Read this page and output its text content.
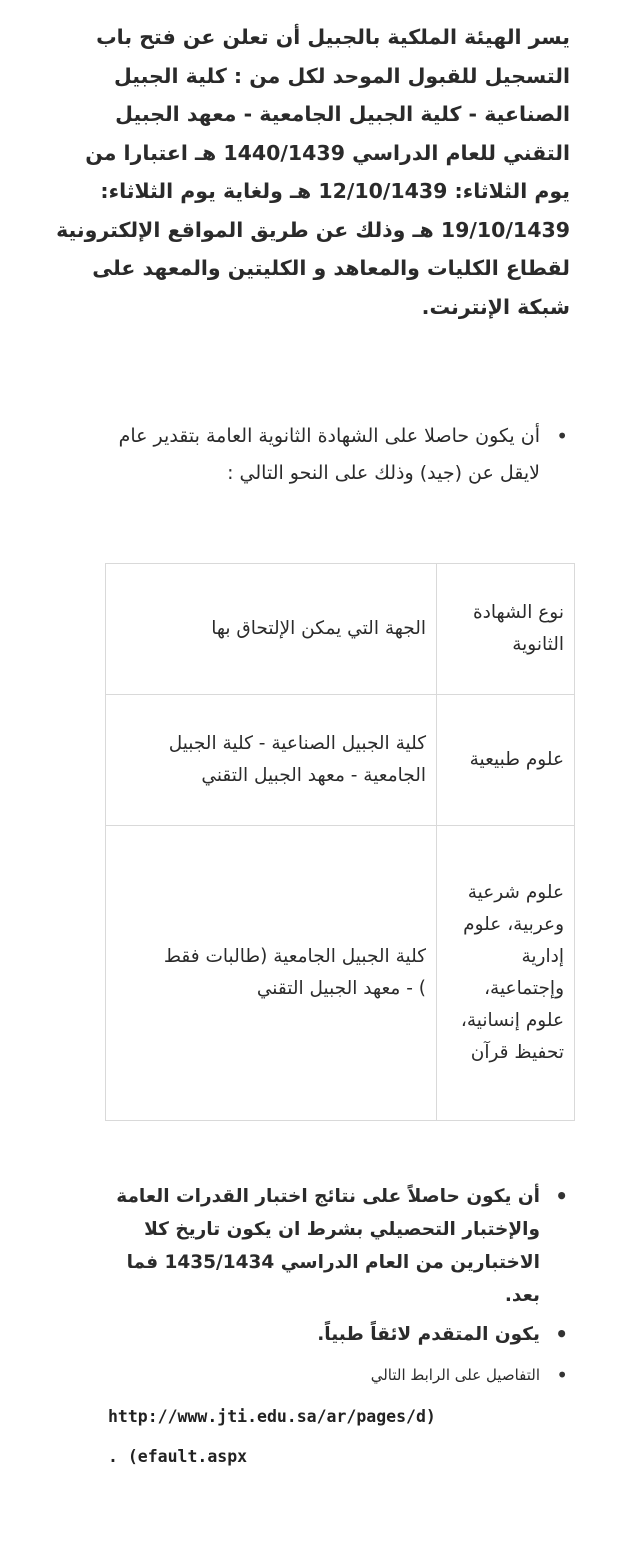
يسر الهيئة الملكية بالجبيل أن تعلن عن فتح باب التسجيل للقبول الموحد لكل من : كلية الجبيل الصناعية - كلية الجبيل الجامعية - معهد الجبيل التقني للعام الدراسي 1440/1439 هـ اعتبارا من يوم الثلاثاء: 12/10/1439 هـ ولغاية يوم الثلاثاء: 19/10/1439 هـ وذلك عن طريق المواقع الإلكترونية لقطاع الكليات والمعاهد و الكليتين والمعهد على شبكة الإنترنت.

•
أن يكون حاصلا على الشهادة الثانوية العامة بتقدير عام لايقل عن (جيد) وذلك على النحو التالي :
نوع الشهادة الثانوية	الجهة التي يمكن الإلتحاق بها

علوم طبيعية	كلية الجبيل الصناعية - كلية الجبيل الجامعية - معهد الجبيل التقني
علوم شرعية وعربية، علوم إدارية وإجتماعية، علوم إنسانية، تحفيظ قرآن	كلية الجبيل الجامعية (طالبات فقط
) - معهد الجبيل التقني
•
أن يكون حاصلاً على نتائج اختبار القدرات العامة والإختبار التحصيلي بشرط ان يكون تاريخ كلا الاختبارين من العام الدراسي 1435/1434 فما بعد.
•
يكون المتقدم لائقاً طبياً.
•
التفاصيل على الرابط التالي
http://www.jti.edu.sa/ar/pages/d)
. (efault.aspx
